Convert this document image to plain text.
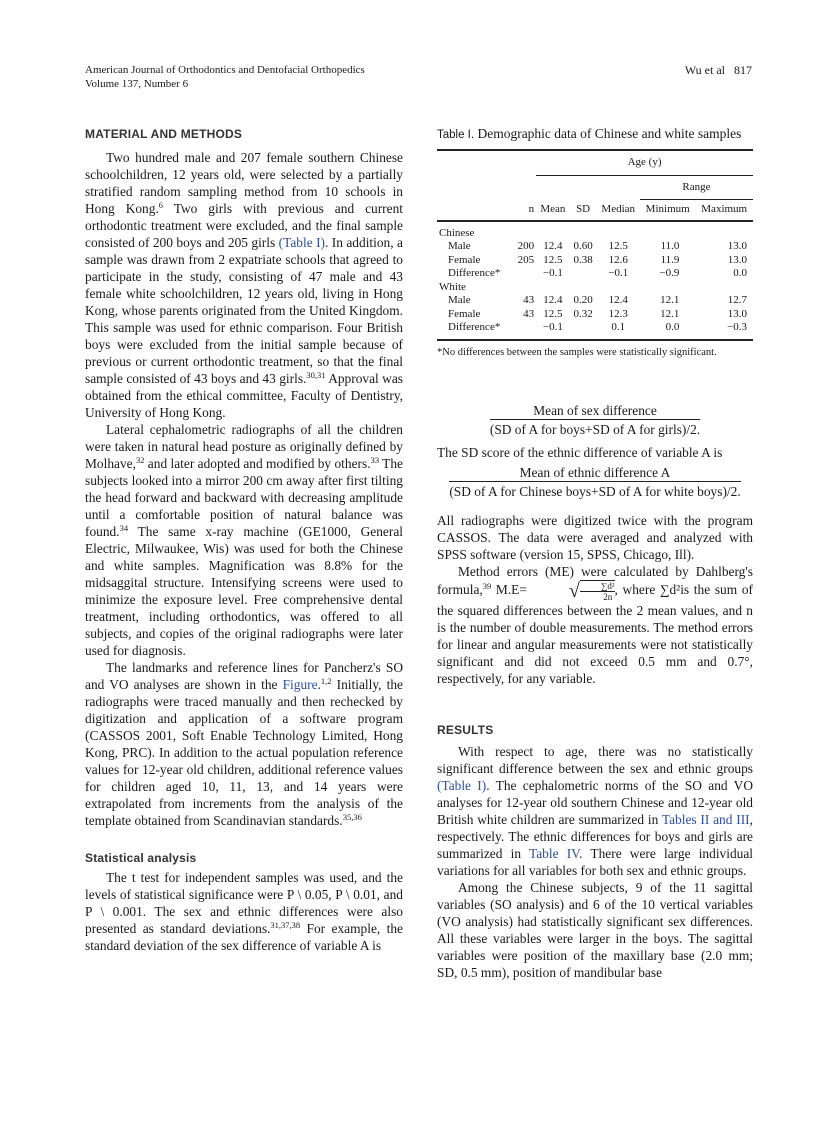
American Journal of Orthodontics and Dentofacial Orthopedics
Volume 137, Number 6
Wu et al 817
MATERIAL AND METHODS

Two hundred male and 207 female southern Chinese schoolchildren, 12 years old, were selected by a partially stratified random sampling method from 10 schools in Hong Kong.$^6$ Two girls with previous and current orthodontic treatment were excluded, and the final sample consisted of 200 boys and 205 girls (Table I). In addition, a sample was drawn from 2 expatriate schools that agreed to participate in the study, consisting of 47 male and 43 female white schoolchildren, 12 years old, living in Hong Kong, whose parents originated from the United Kingdom. This sample was used for ethnic comparison. Four British boys were excluded from the initial sample because of previous or current orthodontic treatment, so that the final sample consisted of 43 boys and 43 girls.$^{30,31}$ Approval was obtained from the ethical committee, Faculty of Dentistry, University of Hong Kong.

Lateral cephalometric radiographs of all the children were taken in natural head posture as originally defined by Molhave,$^{32}$ and later adopted and modified by others.$^{33}$ The subjects looked into a mirror 200 cm away after first tilting the head forward and backward with decreasing amplitude until a comfortable position of natural balance was found.$^{34}$ The same x-ray machine (GE1000, General Electric, Milwaukee, Wis) was used for both the Chinese and white samples. Magnification was 8.8% for the midsaggital structure. Intensifying screens were used to minimize the exposure level. Free comprehensive dental treatment, including orthodontics, was offered to all subjects, and copies of the original radiographs were later used for diagnosis.

The landmarks and reference lines for Pancherz's SO and VO analyses are shown in the Figure.$^{1,2}$ Initially, the radiographs were traced manually and then rechecked by digitization and application of a software program (CASSOS 2001, Soft Enable Technology Limited, Hong Kong, PRC). In addition to the actual population reference values for 12-year old children, additional reference values for children aged 10, 11, 13, and 14 years were extrapolated from increments from the analysis of the template obtained from Scandinavian standards.$^{35,36}$

Statistical analysis

The t test for independent samples was used, and the levels of statistical significance were P \ 0.05, P \ 0.01, and P \ 0.001. The sex and ethnic differences were also presented as standard deviations.$^{31,37,38}$ For example, the standard deviation of the sex difference of variable A is

Table I. Demographic data of Chinese and white samples

		Age (y)				
					Range	
	n	Mean	SD	Median	Minimum	Maximum
Chinese						
Male	200	12.4	0.60	12.5	11.0	13.0
Female	205	12.5	0.38	12.6	11.9	13.0
Difference*		−0.1		−0.1	−0.9	0.0
White						
Male	43	12.4	0.20	12.4	12.1	12.7
Female	43	12.5	0.32	12.3	12.1	13.0
Difference*		−0.1		0.1	0.0	−0.3
*No differences between the samples were statistically significant.
Mean of sex difference
(SD of A for boys+SD of A for girls)/2.

The SD score of the ethnic difference of variable A is

Mean of ethnic difference A
(SD of A for Chinese boys+SD of A for white boys)/2.

All radiographs were digitized twice with the program CASSOS. The data were averaged and analyzed with SPSS software (version 15, SPSS, Chicago, Ill).

Method errors (ME) were calculated by Dahlberg's formula,$^{39}$ $M.E= √\frac{\text{∑d²}}{2n}$ , where ∑d²is the sum of the squared differences between the 2 mean values, and n is the number of double measurements. The method errors for linear and angular measurements were not statistically significant and did not exceed 0.5 mm and 0.7°, respectively, for any variable.

RESULTS

With respect to age, there was no statistically significant difference between the sex and ethnic groups (Table I). The cephalometric norms of the SO and VO analyses for 12-year old southern Chinese and 12-year old British white children are summarized in Tables II and III, respectively. The ethnic differences for boys and girls are summarized in Table IV. There were large individual variations for all variables for both sex and ethnic groups.

Among the Chinese subjects, 9 of the 11 sagittal variables (SO analysis) and 6 of the 10 vertical variables (VO analysis) had statistically significant sex differences. All these variables were larger in the boys. The sagittal variables were position of the maxillary base (2.0 mm; SD, 0.5 mm), position of mandibular base
